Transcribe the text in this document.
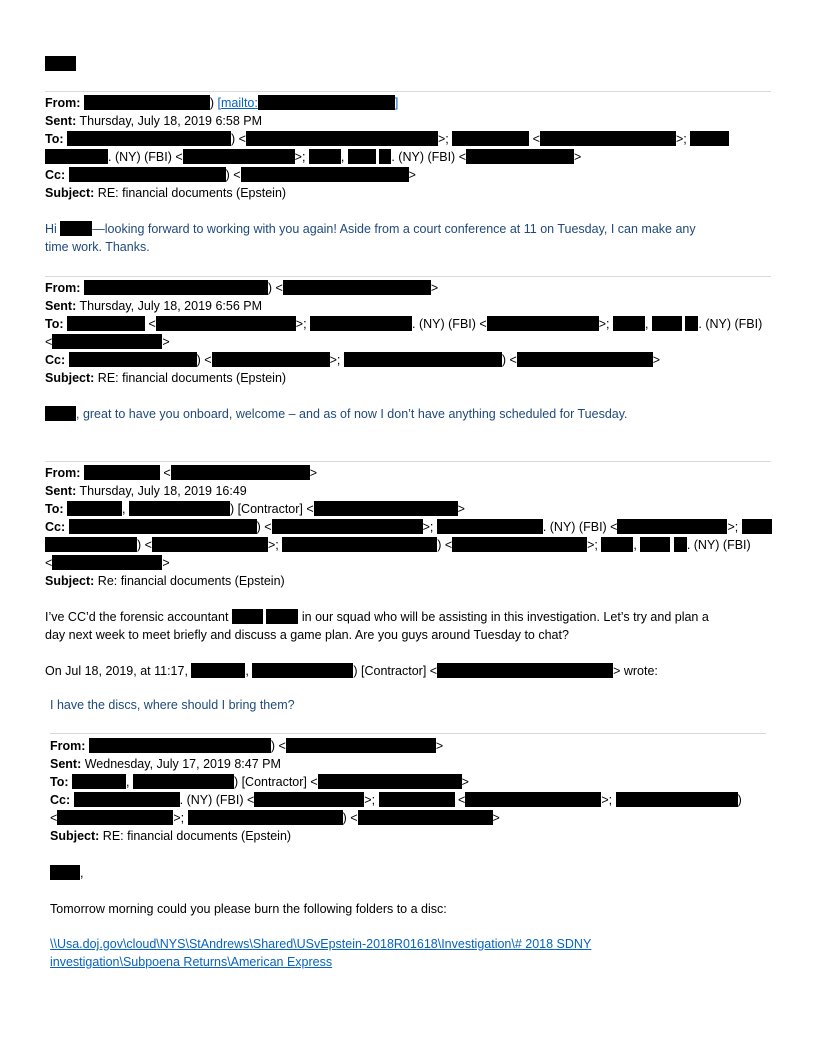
From:	) [mailto:	]
Sent: Thursday, July 18, 2019 6:58 PM
To:	) <	>;	<	>;
. (NY) (FBI) <	>;	,	. (NY) (FBI) <	>
Cc:	) <	>
Subject: RE: financial documents (Epstein)
Hi	—looking forward to working with you again! Aside from a court conference at 11 on Tuesday, I can make any
time work. Thanks.
From:	) <	>
Sent: Thursday, July 18, 2019 6:56 PM
To:	<	>;	. (NY) (FBI) <	>;	,	. (NY) (FBI)
<	>
Cc:	) <	>;	) <	>
Subject: RE: financial documents (Epstein)
, great to have you onboard, welcome – and as of now I don’t have anything scheduled for Tuesday.
From:	<	>
Sent: Thursday, July 18, 2019 16:49
To:	,	) [Contractor] <	>
Cc:	) <	>;	. (NY) (FBI) <	>;
) <	>;	) <	>;	,	. (NY) (FBI)
<	>
Subject: Re: financial documents (Epstein)
I’ve CC’d the forensic accountant	in our squad who will be assisting in this investigation. Let’s try and plan a
day next week to meet briefly and discuss a game plan. Are you guys around Tuesday to chat?
On Jul 18, 2019, at 11:17,	,	) [Contractor] <	> wrote:
I have the discs, where should I bring them?
From:	) <	>
Sent: Wednesday, July 17, 2019 8:47 PM
To:	,	) [Contractor] <	>
Cc:	. (NY) (FBI) <	>;	<	>;	)
<	>;	) <	>
Subject: RE: financial documents (Epstein)
,
Tomorrow morning could you please burn the following folders to a disc:
\\Usa.doj.gov\cloud\NYS\StAndrews\Shared\USvEpstein-2018R01618\Investigation\# 2018 SDNY
investigation\Subpoena Returns\American Express
